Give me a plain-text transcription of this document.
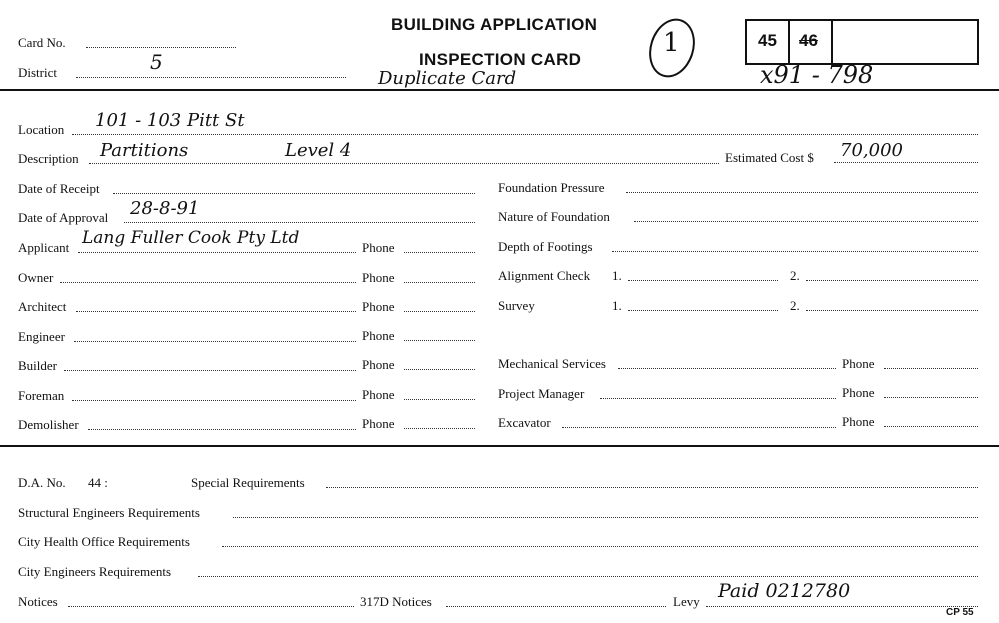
Card No.
District	5
BUILDING APPLICATION
INSPECTION CARD
Duplicate Card
1	45 46
x91 - 798
Location 101 - 103 Pitt St
Description Partitions	Level 4	Estimated Cost $ 70,000
Date of Receipt
Date of Approval 28-8-91
Applicant Lang Fuller Cook Pty Ltd	Phone
Owner	Phone
Architect	Phone
Engineer	Phone
Builder	Phone
Foreman	Phone
Demolisher	Phone
Foundation Pressure
Nature of Foundation
Depth of Footings
Alignment Check 1.	2.
Survey	1.	2.
Mechanical Services	Phone
Project Manager	Phone
Excavator	Phone
D.A. No. 44 :	Special Requirements
Structural Engineers Requirements
City Health Office Requirements
City Engineers Requirements
Notices	317D Notices	Levy Paid 0212780
CP 55
